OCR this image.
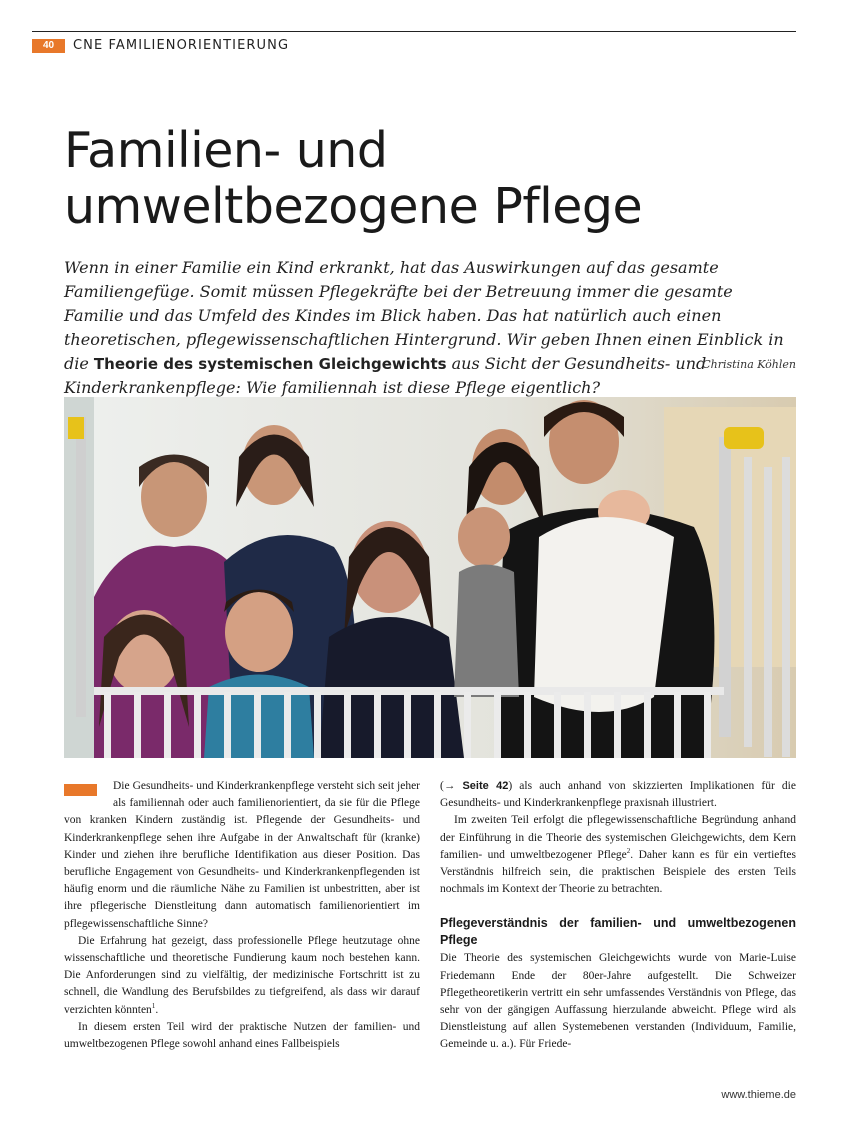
40	CNE FAMILIENORIENTIERUNG
Familien- und umweltbezogene Pflege

Wenn in einer Familie ein Kind erkrankt, hat das Auswirkungen auf das gesamte Familiengefüge. Somit müssen Pflegekräfte bei der Betreuung immer die gesamte Familie und das Umfeld des Kindes im Blick haben. Das hat natürlich auch einen theoretischen, pflegewissenschaftlichen Hintergrund. Wir geben Ihnen einen Einblick in die Theorie des systemischen Gleichgewichts aus Sicht der Gesundheits- und Kinderkrankenpflege: Wie familiennah ist diese Pflege eigentlich?

Christina Köhlen

Die Gesundheits- und Kinderkrankenpflege versteht sich seit jeher als familiennah oder auch familienorientiert, da sie für die Pflege von kranken Kindern zuständig ist. Pflegende der Gesundheits- und Kinderkrankenpflege sehen ihre Aufgabe in der Anwaltschaft für (kranke) Kinder und ziehen ihre berufliche Identifikation aus dieser Position. Das berufliche Engagement von Gesundheits- und Kinderkrankenpflegenden ist häufig enorm und die räumliche Nähe zu Familien ist unbestritten, aber ist ihre pflegerische Dienstleitung dann automatisch familienorientiert im pflegewissenschaftliche Sinne?

Die Erfahrung hat gezeigt, dass professionelle Pflege heutzutage ohne wissenschaftliche und theoretische Fundierung kaum noch bestehen kann. Die Anforderungen sind zu vielfältig, der medizinische Fortschritt ist zu schnell, die Wandlung des Berufsbildes zu tiefgreifend, als dass wir darauf verzichten könnten$^1$.

In diesem ersten Teil wird der praktische Nutzen der familien- und umweltbezogenen Pflege sowohl anhand eines Fallbeispiels

(→ Seite 42) als auch anhand von skizzierten Implikationen für die Gesundheits- und Kinderkrankenpflege praxisnah illustriert.

Im zweiten Teil erfolgt die pflegewissenschaftliche Begründung anhand der Einführung in die Theorie des systemischen Gleichgewichts, dem Kern familien- und umweltbezogener Pflege$^2$. Daher kann es für ein vertieftes Verständnis hilfreich sein, die praktischen Beispiele des ersten Teils nochmals im Kontext der Theorie zu betrachten.

Pflegeverständnis der familien- und umweltbezogenen Pflege

Die Theorie des systemischen Gleichgewichts wurde von Marie-Luise Friedemann Ende der 80er-Jahre aufgestellt. Die Schweizer Pflegetheoretikerin vertritt ein sehr umfassendes Verständnis von Pflege, das sehr von der gängigen Auffassung hierzulande abweicht. Pflege wird als Dienstleistung auf allen Systemebenen verstanden (Individuum, Familie, Gemeinde u. a.). Für Friede-

www.thieme.de
